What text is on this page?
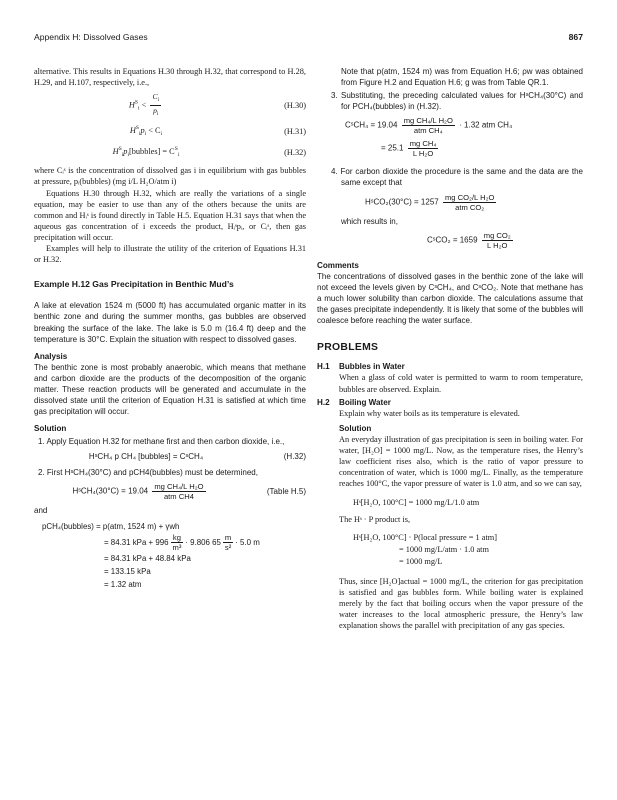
Appendix H: Dissolved Gases	867

alternative. This results in Equations H.30 through H.32, that correspond to H.28, H.29, and H.107, respectively, i.e.,

$H^S_i < \frac{C_i}{p_i}$	(H.30)
$H^S_ip_i < C_i$	(H.31)
$H^S_ip_i[bubbles] = C^S_i$	(H.32)

where Cᵢˢ is the concentration of dissolved gas i in equilibrium with gas bubbles at pressure, pᵢ(bubbles) (mg i/L H₂O/atm i)

Equations H.30 through H.32, which are really the variations of a single equation, may be easier to use than any of the others because the units are common and Hᵢˢ is found directly in Table H.5. Equation H.31 says that when the aqueous gas concentration of i exceeds the product, Hᵢˢpᵢ, or Cᵢˢ, then gas precipitation will occur.

Examples will help to illustrate the utility of the criterion of Equations H.31 or H.32.

Example H.12 Gas Precipitation in Benthic Mud’s

A lake at elevation 1524 m (5000 ft) has accumulated organic matter in its benthic zone and during the summer months, gas bubbles are observed breaking the surface of the lake. The lake is 5.0 m (16.4 ft) deep and the temperature is 30°C. Explain the situation with respect to dissolved gases.

Analysis

The benthic zone is most probably anaerobic, which means that methane and carbon dioxide are the products of the decomposition of the organic matter. These reaction products will be generated and accumulate in the dissolved state until the criterion of Equation H.31 is satisfied at which time gas precipitation will occur.

Solution

1. Apply Equation H.32 for methane first and then carbon dioxide, i.e.,

HˢCH₄ p CH₄ [bubbles] = CˢCH₄	(H.32)

2. First HˢCH₄(30°C) and pCH4(bubbles) must be determined,

HˢCH₄(30°C) = $19.04 \frac{\text{mg CH₄/L H₂O}}{\text{atm CH4}}$	(Table H.5)

and

pCH₄(bubbles) = p(atm, 1524 m) + γwh
= 84.31 kPa + $996 \frac{kg}{\text{m³}} \cdot 9.806$ $65 \frac{m}{\text{s²}} \cdot 5.0$ m
= 84.31 kPa + 48.84 kPa
= 133.15 kPa
= 1.32 atm

Note that p(atm, 1524 m) was from Equation H.6; ρw was obtained from Figure H.2 and Equation H.6; g was from Table QR.1.

3. Substituting, the preceding calculated values for HˢCH₄(30°C) and for PCH₄(bubbles) in (H.32).

CˢCH₄ = $19.04 \frac{\text{mg CH₄/L H₂O}}{\text{atm CH₄}} \cdot 1.32$ atm CH₄
= $25.1 \frac{\text{mg CH₄}}{\text{L H₂O}}$

4. For carbon dioxide the procedure is the same and the data are the same except that

HˢCO₂(30°C) = $1257 \frac{\text{mg CO₂/L H₂O}}{\text{atm CO₂}}$

which results in,

CˢCO₂ = $1659 \frac{\text{mg CO₂}}{\text{L H₂O}}$
Comments

The concentrations of dissolved gases in the benthic zone of the lake will not exceed the levels given by CˢCH₄, and CˢCO₂. Note that methane has a much lower solubility than carbon dioxide. The calculations assume that the gases precipitate independently. It is likely that some of the bubbles will coalesce before reaching the water surface.

PROBLEMS
H.1	Bubbles in Water

When a glass of cold water is permitted to warm to room temperature, bubbles are observed. Explain.

H.2	Boiling Water

Explain why water boils as its temperature is elevated.

Solution

An everyday illustration of gas precipitation is seen in boiling water. For water, [H₂O] = 1000 mg/L. Now, as the temperature rises, the Henry’s law coefficient rises also, which is the ratio of vapor pressure to concentration of water, which is 1000 mg/L. Finally, as the temperature reaches 100°C, the vapor pressure of water is 1.0 atm, and so we can say,

Hˢ[H₂O, 100°C] = 1000 mg/L/1.0 atm

The Hˢ · P product is,

Hˢ[H₂O, 100°C] · P(local pressure = 1 atm]
= 1000 mg/L/atm · 1.0 atm
= 1000 mg/L

Thus, since [H₂O]actual = 1000 mg/L, the criterion for gas precipitation is satisfied and gas bubbles form. While boiling water is explained merely by the fact that boiling occurs when the vapor pressure of the water increases to the local atmospheric pressure, the Henry’s law explanation shows the parallel with precipitation of any gas species.
